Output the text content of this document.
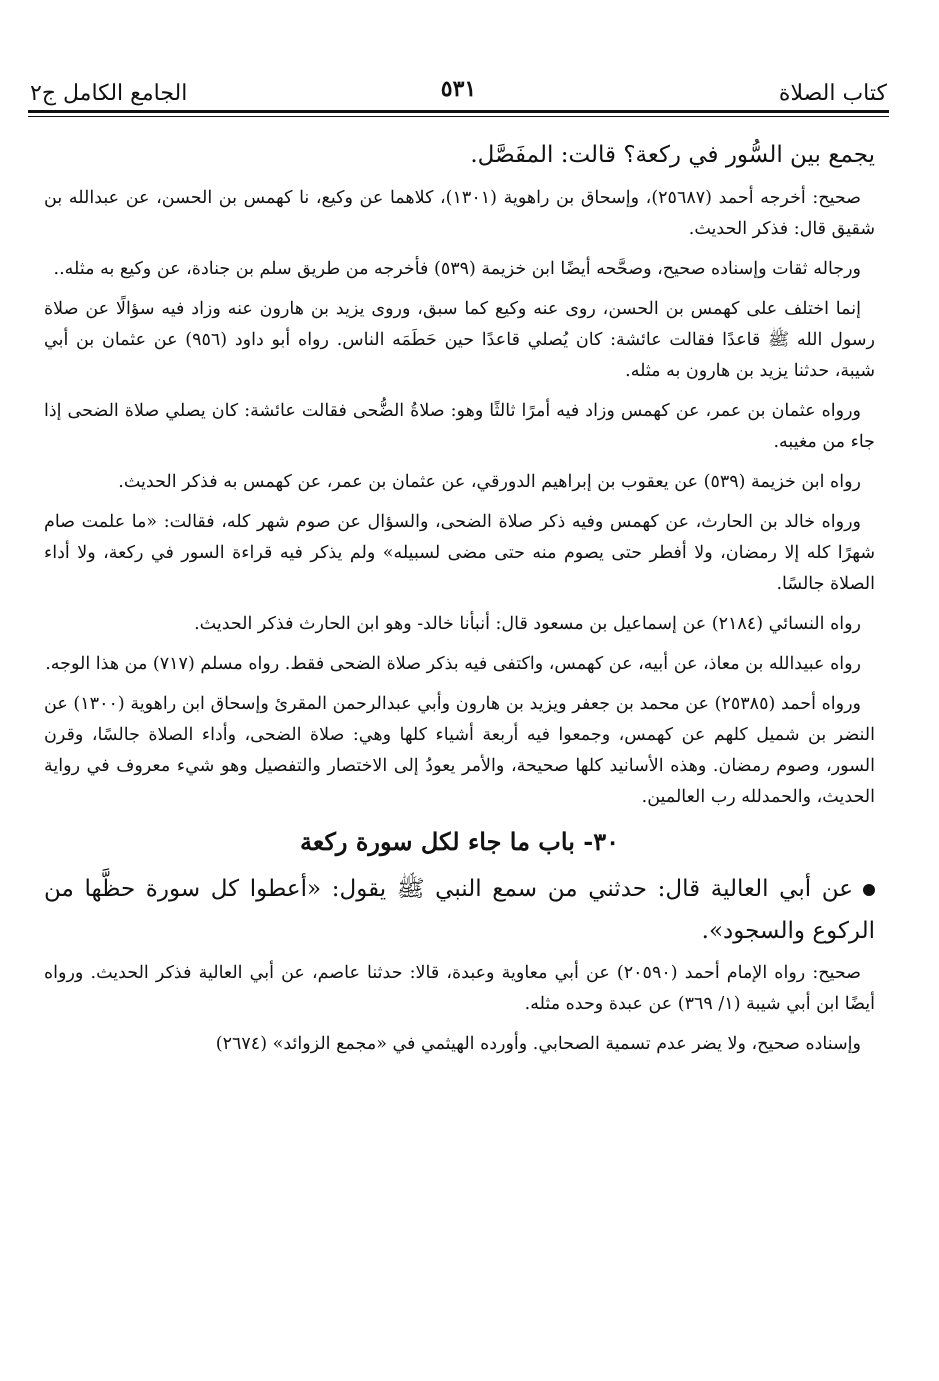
كتاب الصلاة
٥٣١
الجامع الكامل ج٢

يجمع بين السُّور في ركعة؟ قالت: المفَصَّل.

صحيح: أخرجه أحمد (٢٥٦٨٧)، وإسحاق بن راهوية (١٣٠١)، كلاهما عن وكيع، نا كهمس بن الحسن، عن عبدالله بن شقيق قال: فذكر الحديث.

ورجاله ثقات وإسناده صحيح، وصحَّحه أيضًا ابن خزيمة (٥٣٩) فأخرجه من طريق سلم بن جنادة، عن وكيع به مثله..

إنما اختلف على كهمس بن الحسن، روى عنه وكيع كما سبق، وروى يزيد بن هارون عنه وزاد فيه سؤالًا عن صلاة رسول الله ﷺ قاعدًا فقالت عائشة: كان يُصلي قاعدًا حين حَطَمَه الناس. رواه أبو داود (٩٥٦) عن عثمان بن أبي شيبة، حدثنا يزيد بن هارون به مثله.

ورواه عثمان بن عمر، عن كهمس وزاد فيه أمرًا ثالثًا وهو: صلاةُ الضُّحى فقالت عائشة: كان يصلي صلاة الضحى إذا جاء من مغيبه.

رواه ابن خزيمة (٥٣٩) عن يعقوب بن إبراهيم الدورقي، عن عثمان بن عمر، عن كهمس به فذكر الحديث.

ورواه خالد بن الحارث، عن كهمس وفيه ذكر صلاة الضحى، والسؤال عن صوم شهر كله، فقالت: «ما علمت صام شهرًا كله إلا رمضان، ولا أفطر حتى يصوم منه حتى مضى لسبيله» ولم يذكر فيه قراءة السور في ركعة، ولا أداء الصلاة جالسًا.

رواه النسائي (٢١٨٤) عن إسماعيل بن مسعود قال: أنبأنا خالد- وهو ابن الحارث فذكر الحديث.

رواه عبيدالله بن معاذ، عن أبيه، عن كهمس، واكتفى فيه بذكر صلاة الضحى فقط. رواه مسلم (٧١٧) من هذا الوجه.

ورواه أحمد (٢٥٣٨٥) عن محمد بن جعفر ويزيد بن هارون وأبي عبدالرحمن المقرئ وإسحاق ابن راهوية (١٣٠٠) عن النضر بن شميل كلهم عن كهمس، وجمعوا فيه أربعة أشياء كلها وهي: صلاة الضحى، وأداء الصلاة جالسًا، وقرن السور، وصوم رمضان. وهذه الأسانيد كلها صحيحة، والأمر يعودُ إلى الاختصار والتفصيل وهو شيء معروف في رواية الحديث، والحمدلله رب العالمين.

٣٠- باب ما جاء لكل سورة ركعة

عن أبي العالية قال: حدثني من سمع النبي ﷺ يقول: «أعطوا كل سورة حظَّها من الركوع والسجود».

صحيح: رواه الإمام أحمد (٢٠٥٩٠) عن أبي معاوية وعبدة، قالا: حدثنا عاصم، عن أبي العالية فذكر الحديث. ورواه أيضًا ابن أبي شيبة (١/ ٣٦٩) عن عبدة وحده مثله.

وإسناده صحيح، ولا يضر عدم تسمية الصحابي. وأورده الهيثمي في «مجمع الزوائد» (٢٦٧٤)
